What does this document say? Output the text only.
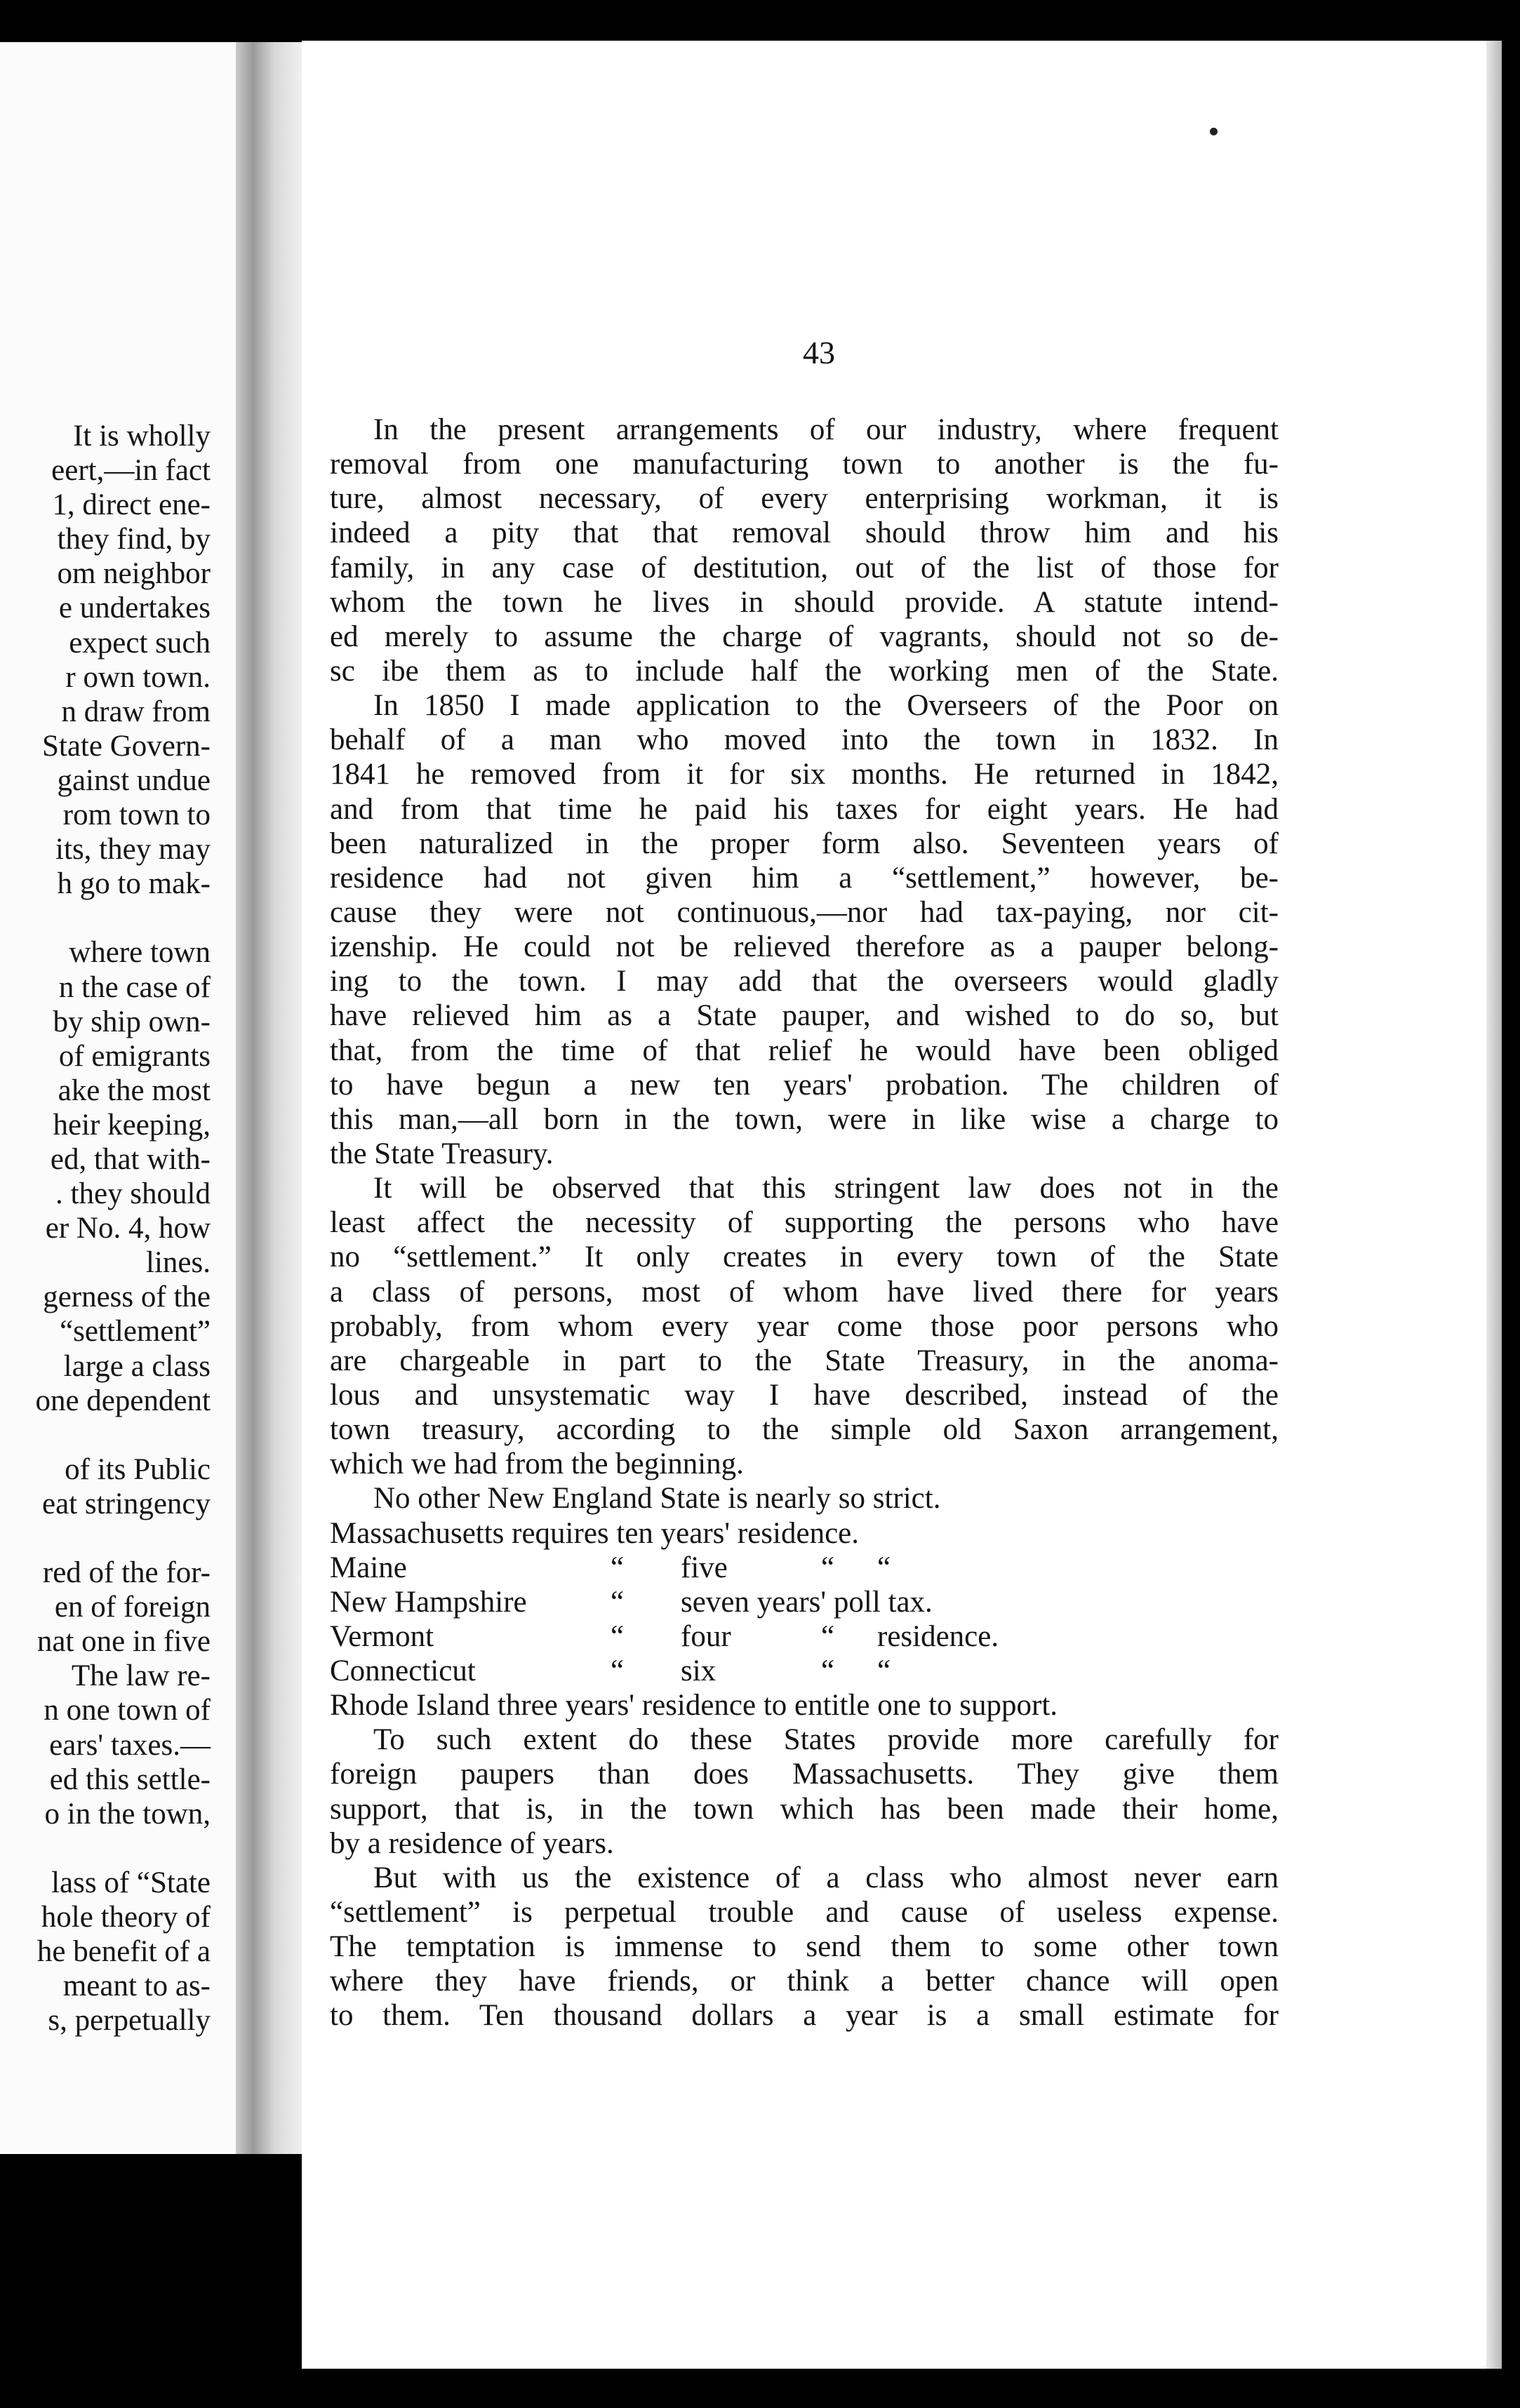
It is wholly
eert,—in fact
1, direct ene-
they find, by
om neighbor
e undertakes
expect such
r own town.
n draw from
State Govern-
gainst undue
rom town to
its, they may
h go to mak-
where town
n the case of
by ship own-
of emigrants
ake the most
heir keeping,
ed, that with-
. they should
er No. 4, how
lines.
gerness of the
“settlement”
large a class
one dependent
of its Public
eat stringency
red of the for-
en of foreign
nat one in five
The law re-
n one town of
ears' taxes.—
ed this settle-
o in the town,
lass of “State
hole theory of
he benefit of a
meant to as-
s, perpetually
43
In the present arrangements of our industry, where frequent
removal from one manufacturing town to another is the fu-
ture, almost necessary, of every enterprising workman, it is
indeed a pity that that removal should throw him and his
family, in any case of destitution, out of the list of those for
whom the town he lives in should provide. A statute intend-
ed merely to assume the charge of vagrants, should not so de-
sc ibe them as to include half the working men of the State.
In 1850 I made application to the Overseers of the Poor on
behalf of a man who moved into the town in 1832. In
1841 he removed from it for six months. He returned in 1842,
and from that time he paid his taxes for eight years. He had
been naturalized in the proper form also. Seventeen years of
residence had not given him a “settlement,” however, be-
cause they were not continuous,—nor had tax-paying, nor cit-
izenship. He could not be relieved therefore as a pauper belong-
ing to the town. I may add that the overseers would gladly
have relieved him as a State pauper, and wished to do so, but
that, from the time of that relief he would have been obliged
to have begun a new ten years' probation. The children of
this man,—all born in the town, were in like wise a charge to
the State Treasury.
It will be observed that this stringent law does not in the
least affect the necessity of supporting the persons who have
no “settlement.” It only creates in every town of the State
a class of persons, most of whom have lived there for years
probably, from whom every year come those poor persons who
are chargeable in part to the State Treasury, in the anoma-
lous and unsystematic way I have described, instead of the
town treasury, according to the simple old Saxon arrangement,
which we had from the beginning.
No other New England State is nearly so strict.
Massachusetts requires ten years' residence.
Maine	“ five	“ “
New Hampshire	“ seven years' poll tax.
Vermont	“ four	“ residence.
Connecticut	“ six	“ “
Rhode Island three years' residence to entitle one to support.
To such extent do these States provide more carefully for
foreign paupers than does Massachusetts. They give them
support, that is, in the town which has been made their home,
by a residence of years.
But with us the existence of a class who almost never earn
“settlement” is perpetual trouble and cause of useless expense.
The temptation is immense to send them to some other town
where they have friends, or think a better chance will open
to them. Ten thousand dollars a year is a small estimate for
